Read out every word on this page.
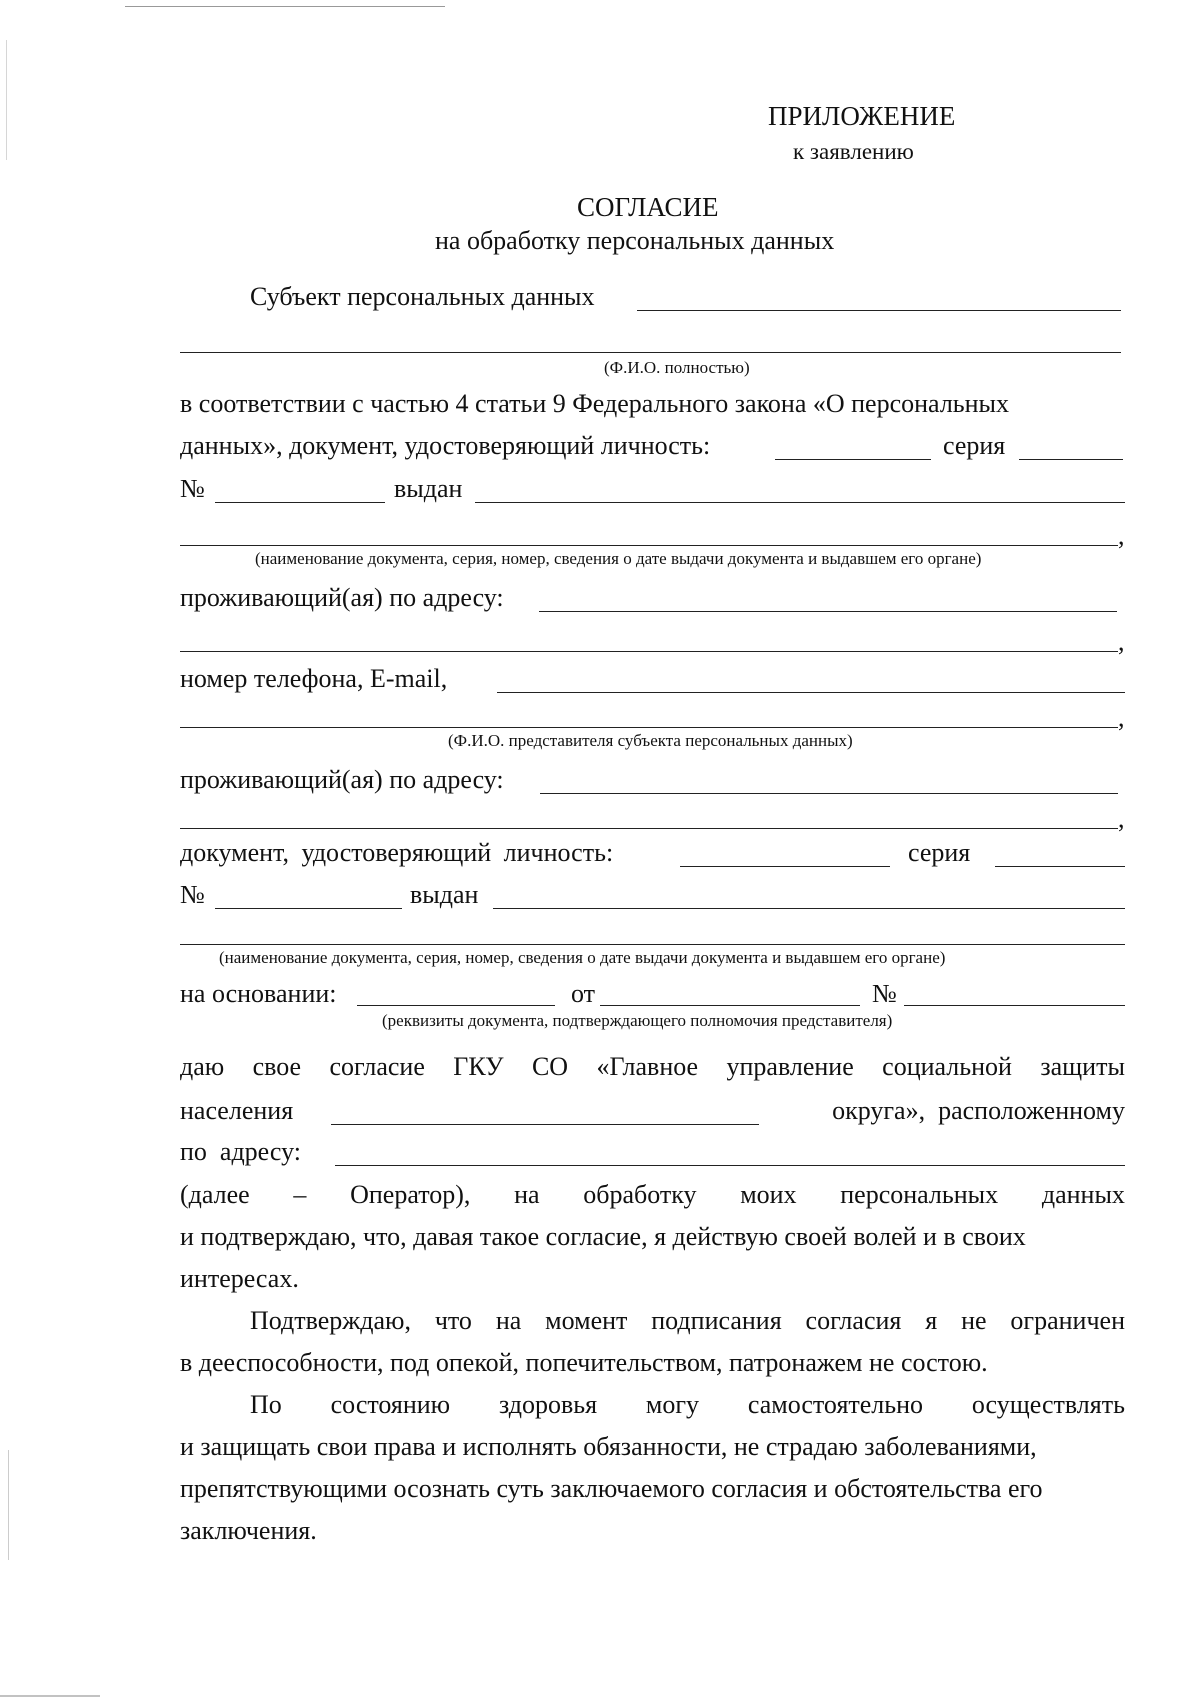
ПРИЛОЖЕНИЕ
к заявлению
СОГЛАСИЕ
на обработку персональных данных
Субъект персональных данных
(Ф.И.О. полностью)
в соответствии с частью 4 статьи 9 Федерального закона «О персональных
данных», документ, удостоверяющий личность:	серия
№	выдан
,
(наименование документа, серия, номер, сведения о дате выдачи документа и выдавшем его органе)
проживающий(ая) по адресу:
,
номер телефона, E-mail,
,
(Ф.И.О. представителя субъекта персональных данных)
проживающий(ая) по адресу:
,
документ, удостоверяющий личность:	серия
№	выдан
(наименование документа, серия, номер, сведения о дате выдачи документа и выдавшем его органе)
на основании:	от	№
(реквизиты документа, подтверждающего полномочия представителя)
даю свое согласие ГКУ СО «Главное управление социальной защиты
населения	округа»,  расположенному
по  адресу:
(далее – Оператор), на обработку моих персональных данных
и подтверждаю, что, давая такое согласие, я действую своей волей и в своих
интересах.
Подтверждаю, что на момент подписания согласия я не ограничен
в дееспособности, под опекой, попечительством, патронажем не состою.
По состоянию здоровья могу самостоятельно осуществлять
и защищать свои права и исполнять обязанности, не страдаю заболеваниями,
препятствующими осознать суть заключаемого согласия и обстоятельства его
заключения.
